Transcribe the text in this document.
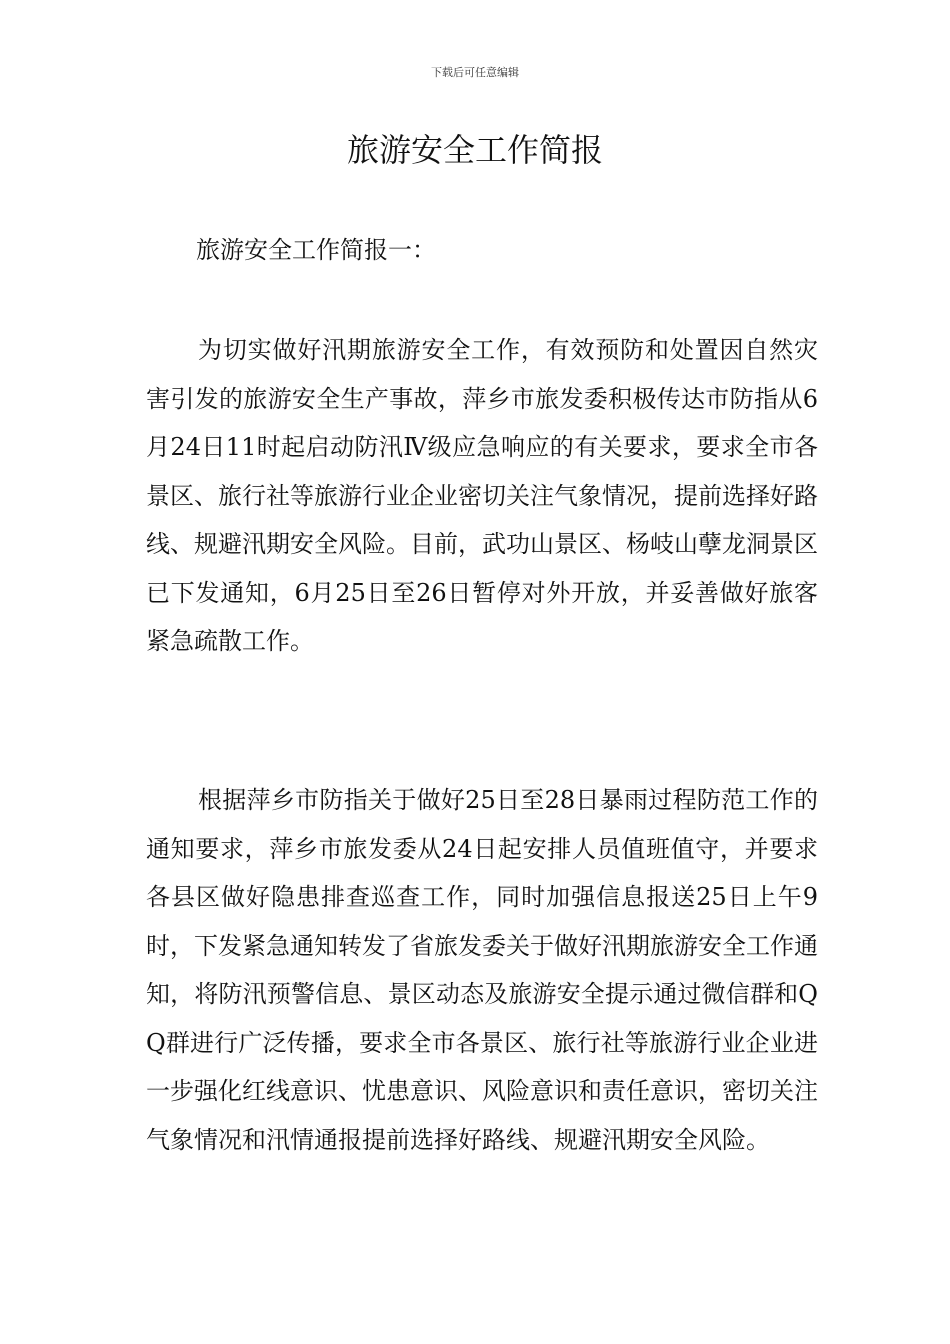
下载后可任意编辑
旅游安全工作简报

旅游安全工作简报一：

为切实做好汛期旅游安全工作，有效预防和处置因自然灾害引发的旅游安全生产事故，萍乡市旅发委积极传达市防指从6月24日11时起启动防汛Ⅳ级应急响应的有关要求，要求全市各景区、旅行社等旅游行业企业密切关注气象情况，提前选择好路线、规避汛期安全风险。目前，武功山景区、杨岐山孽龙洞景区已下发通知，6月25日至26日暂停对外开放，并妥善做好旅客紧急疏散工作。

根据萍乡市防指关于做好25日至28日暴雨过程防范工作的通知要求，萍乡市旅发委从24日起安排人员值班值守，并要求各县区做好隐患排查巡查工作，同时加强信息报送25日上午9时，下发紧急通知转发了省旅发委关于做好汛期旅游安全工作通知，将防汛预警信息、景区动态及旅游安全提示通过微信群和QQ群进行广泛传播，要求全市各景区、旅行社等旅游行业企业进一步强化红线意识、忧患意识、风险意识和责任意识，密切关注气象情况和汛情通报提前选择好路线、规避汛期安全风险。
